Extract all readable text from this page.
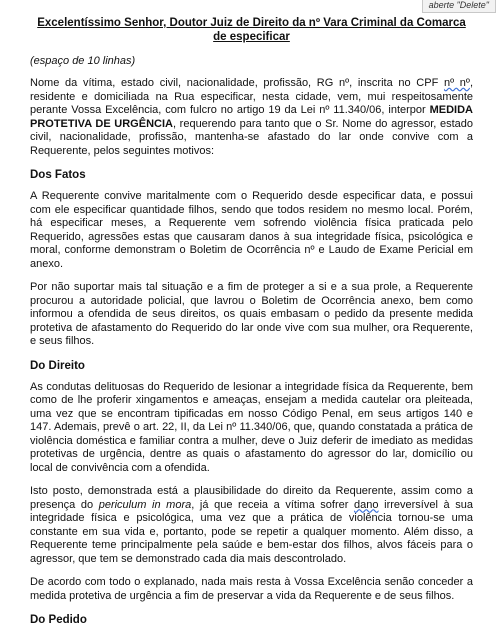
aberte "Delete"
Excelentíssimo Senhor, Doutor Juiz de Direito da nº Vara Criminal da Comarca
de especificar
(espaço de 10 linhas)

Nome da vítima, estado civil, nacionalidade, profissão, RG nº, inscrita no CPF nº nº, residente e domiciliada na Rua especificar, nesta cidade, vem, mui respeitosamente perante Vossa Excelência, com fulcro no artigo 19 da Lei nº 11.340/06, interpor MEDIDA PROTETIVA DE URGÊNCIA, requerendo para tanto que o Sr. Nome do agressor, estado civil, nacionalidade, profissão, mantenha-se afastado do lar onde convive com a Requerente, pelos seguintes motivos:

Dos Fatos

A Requerente convive maritalmente com o Requerido desde especificar data, e possui com ele especificar quantidade filhos, sendo que todos residem no mesmo local. Porém, há especificar meses, a Requerente vem sofrendo violência física praticada pelo Requerido, agressões estas que causaram danos à sua integridade física, psicológica e moral, conforme demonstram o Boletim de Ocorrência nº e Laudo de Exame Pericial em anexo.

Por não suportar mais tal situação e a fim de proteger a si e a sua prole, a Requerente procurou a autoridade policial, que lavrou o Boletim de Ocorrência anexo, bem como informou a ofendida de seus direitos, os quais embasam o pedido da presente medida protetiva de afastamento do Requerido do lar onde vive com sua mulher, ora Requerente, e seus filhos.

Do Direito

As condutas delituosas do Requerido de lesionar a integridade física da Requerente, bem como de lhe proferir xingamentos e ameaças, ensejam a medida cautelar ora pleiteada, uma vez que se encontram tipificadas em nosso Código Penal, em seus artigos 140 e 147. Ademais, prevê o art. 22, II, da Lei nº 11.340/06, que, quando constatada a prática de violência doméstica e familiar contra a mulher, deve o Juiz deferir de imediato as medidas protetivas de urgência, dentre as quais o afastamento do agressor do lar, domicílio ou local de convivência com a ofendida.

Isto posto, demonstrada está a plausibilidade do direito da Requerente, assim como a presença do periculum in mora, já que receia a vítima sofrer dano irreversível à sua integridade física e psicológica, uma vez que a prática de violência tornou-se uma constante em sua vida e, portanto, pode se repetir a qualquer momento. Além disso, a Requerente teme principalmente pela saúde e bem-estar dos filhos, alvos fáceis para o agressor, que tem se demonstrado cada dia mais descontrolado.

De acordo com todo o explanado, nada mais resta à Vossa Excelência senão conceder a medida protetiva de urgência a fim de preservar a vida da Requerente e de seus filhos.

Do Pedido
